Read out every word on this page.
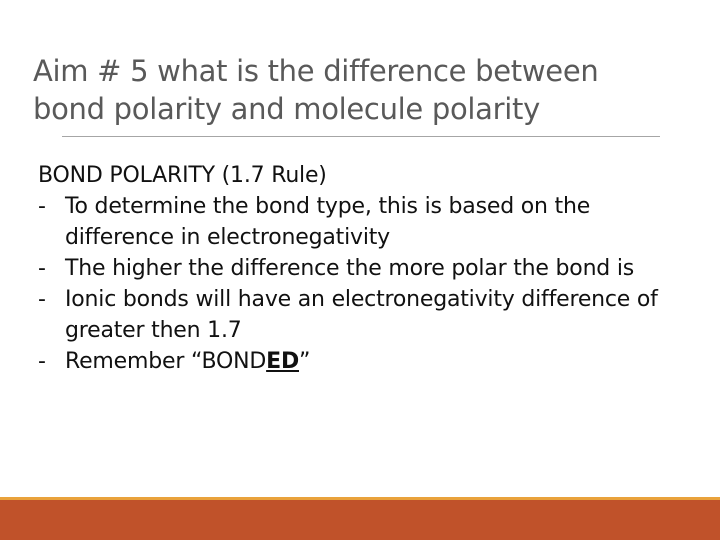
Aim # 5 what is the difference between bond polarity and molecule polarity

BOND POLARITY (1.7 Rule)

- To determine the bond type, this is based on the difference in electronegativity
- The higher the difference the more polar the bond is
- Ionic bonds will have an electronegativity difference of greater then 1.7
- Remember “BONDED”
